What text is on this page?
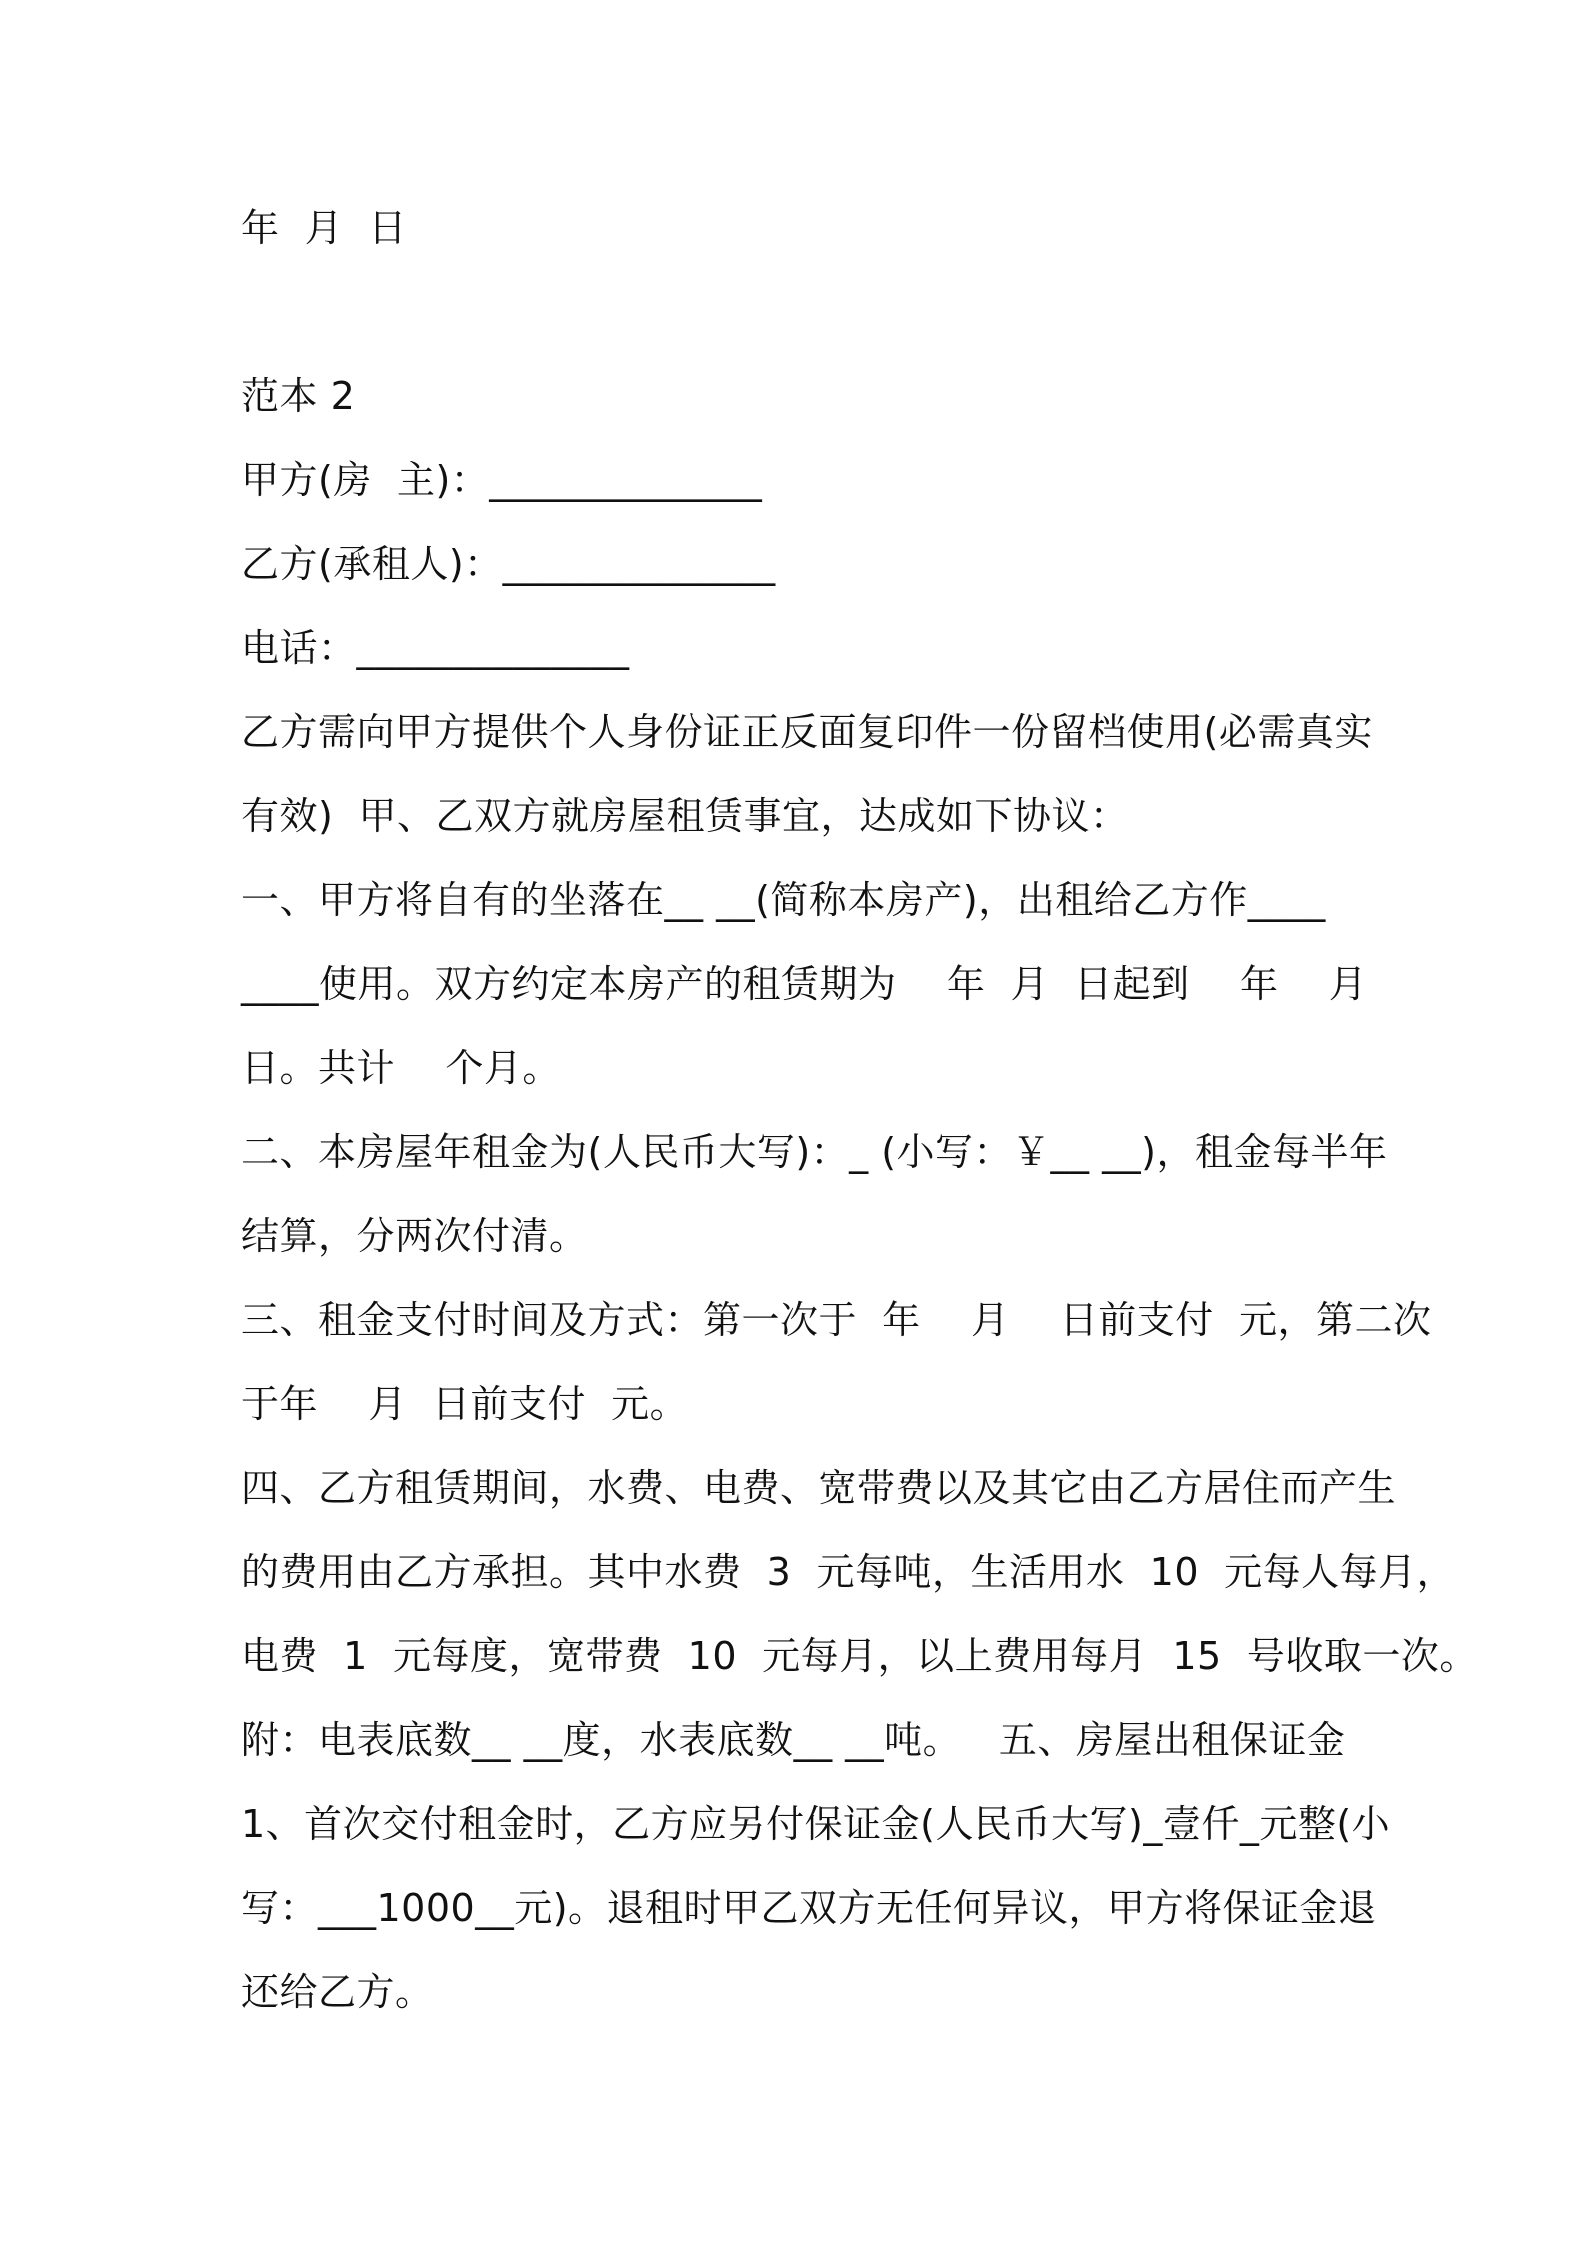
年  月  日
范本 2
甲方(房  主)：______________
乙方(承租人)：______________
电话：______________
乙方需向甲方提供个人身份证正反面复印件一份留档使用(必需真实
有效)  甲、乙双方就房屋租赁事宜，达成如下协议：
一、甲方将自有的坐落在__ __(简称本房产)，出租给乙方作____
____使用。双方约定本房产的租赁期为    年  月  日起到    年    月
日。共计    个月。
二、本房屋年租金为(人民币大写)：_ (小写：￥__ __)，租金每半年
结算，分两次付清。
三、租金支付时间及方式：第一次于  年    月    日前支付  元，第二次
于年    月  日前支付  元。
四、乙方租赁期间，水费、电费、宽带费以及其它由乙方居住而产生
的费用由乙方承担。其中水费  3  元每吨，生活用水  10  元每人每月，
电费  1  元每度，宽带费  10  元每月，以上费用每月  15  号收取一次。
附：电表底数__ __度，水表底数__ __吨。   五、房屋出租保证金
1、首次交付租金时，乙方应另付保证金(人民币大写)_壹仟_元整(小
写：___1000__元)。退租时甲乙双方无任何异议，甲方将保证金退
还给乙方。
